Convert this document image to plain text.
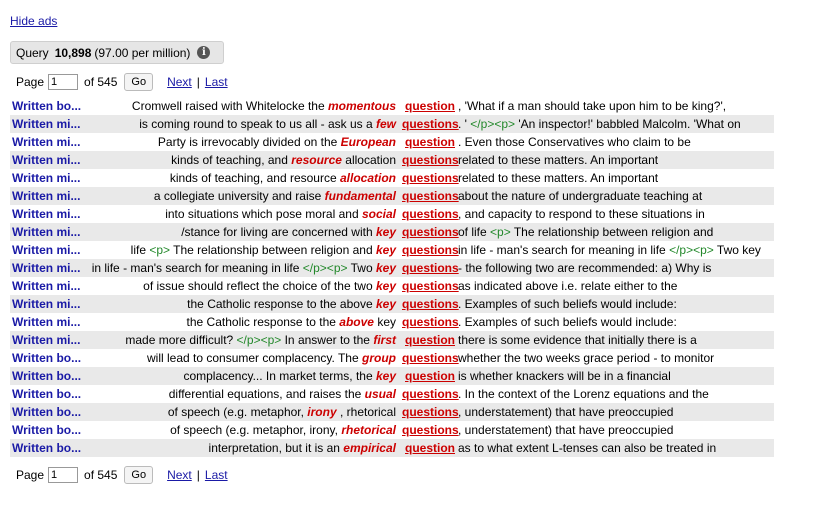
Hide ads
Query 10,898 (97.00 per million)	i
Page
1	of 545	Go	Next | Last
Written bo...	Cromwell raised with Whitelocke the momentous question , 'What if a man should take upon him to be king?',
Written mi...	is coming round to speak to us all - ask us a few questions . ' </p><p> 'An inspector!' babbled Malcolm. 'What on
Written mi...	Party is irrevocably divided on the European question . Even those Conservatives who claim to be
Written mi...	kinds of teaching, and resource allocation questions related to these matters. An important
Written mi...	kinds of teaching, and resource allocation questions related to these matters. An important
Written mi...	a collegiate university and raise fundamental questions about the nature of undergraduate teaching at
Written mi...	into situations which pose moral and social questions , and capacity to respond to these situations in
Written mi...	/stance for living are concerned with key questions of life <p> The relationship between religion and
Written mi...	life <p> The relationship between religion and key questions in life - man's search for meaning in life </p><p> Two key
Written mi... in life - man's search for meaning in life </p><p> Two key questions - the following two are recommended: a) Why is
Written mi...	of issue should reflect the choice of the two key questions as indicated above i.e. relate either to the
Written mi...	the Catholic response to the above key questions . Examples of such beliefs would include:
Written mi...	the Catholic response to the above key questions . Examples of such beliefs would include:
Written mi...	made more difficult? </p><p> In answer to the first question there is some evidence that initially there is a
Written bo...	will lead to consumer complacency. The group questions whether the two weeks grace period - to monitor
Written bo...	complacency... In market terms, the key question is whether knackers will be in a financial
Written bo...	differential equations, and raises the usual questions . In the context of the Lorenz equations and the
Written bo...	of speech (e.g. metaphor, irony , rhetorical questions , understatement) that have preoccupied
Written bo...	of speech (e.g. metaphor, irony, rhetorical questions , understatement) that have preoccupied
Written bo...	interpretation, but it is an empirical question as to what extent L-tenses can also be treated in
Page
1	of 545	Go	Next | Last
